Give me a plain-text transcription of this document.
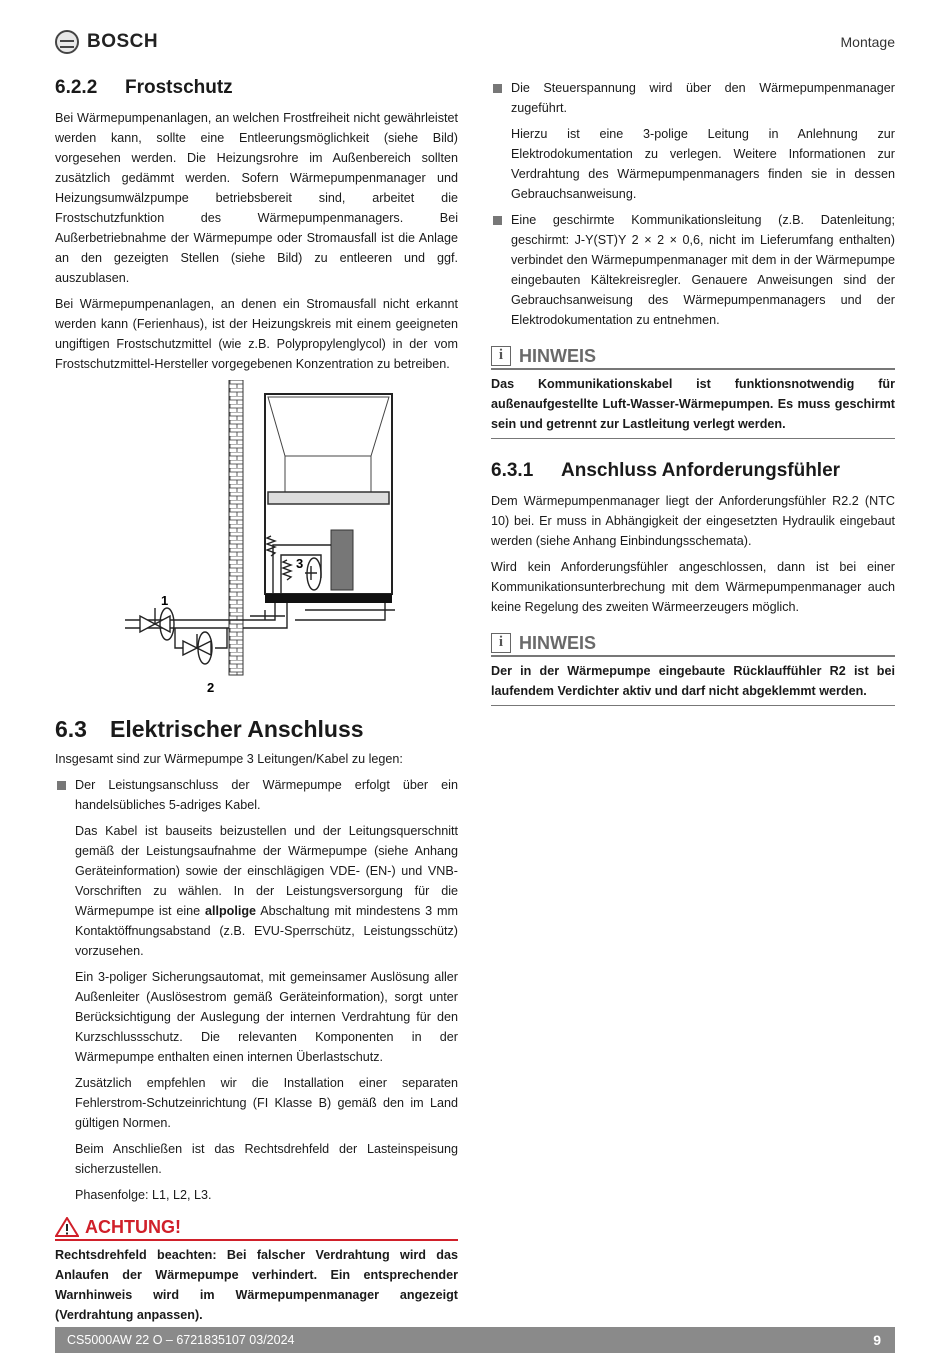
BOSCH	Montage
6.2.2	Frostschutz

Bei Wärmepumpenanlagen, an welchen Frostfreiheit nicht gewährleistet werden kann, sollte eine Entleerungsmöglichkeit (siehe Bild) vorgesehen werden. Die Heizungsrohre im Außenbereich sollten zusätzlich gedämmt werden. Sofern Wärmepumpenmanager und Heizungsumwälzpumpe betriebsbereit sind, arbeitet die Frostschutzfunktion des Wärmepumpenmanagers. Bei Außerbetriebnahme der Wärmepumpe oder Stromausfall ist die Anlage an den gezeigten Stellen (siehe Bild) zu entleeren und ggf. auszublasen.

Bei Wärmepumpenanlagen, an denen ein Stromausfall nicht erkannt werden kann (Ferienhaus), ist der Heizungskreis mit einem geeigneten ungiftigen Frostschutzmittel (wie z.B. Polypropylenglycol) in der vom Frostschutzmittel-Hersteller vorgegebenen Konzentration zu betreiben.

1
2
3
6.3	Elektrischer Anschluss

Insgesamt sind zur Wärmepumpe 3 Leitungen/Kabel zu legen:

Der Leistungsanschluss der Wärmepumpe erfolgt über ein handelsübliches 5-adriges Kabel.

Das Kabel ist bauseits beizustellen und der Leitungsquerschnitt gemäß der Leistungsaufnahme der Wärmepumpe (siehe Anhang Geräteinformation) sowie der einschlägigen VDE- (EN-) und VNB-Vorschriften zu wählen. In der Leistungsversorgung für die Wärmepumpe ist eine allpolige Abschaltung mit mindestens 3 mm Kontaktöffnungsabstand (z.B. EVU-Sperrschütz, Leistungsschütz) vorzusehen.

Ein 3-poliger Sicherungsautomat, mit gemeinsamer Auslösung aller Außenleiter (Auslösestrom gemäß Geräteinformation), sorgt unter Berücksichtigung der Auslegung der internen Verdrahtung für den Kurzschlussschutz. Die relevanten Komponenten in der Wärmepumpe enthalten einen internen Überlastschutz.

Zusätzlich empfehlen wir die Installation einer separaten Fehlerstrom-Schutzeinrichtung (FI Klasse B) gemäß den im Land gültigen Normen.

Beim Anschließen ist das Rechtsdrehfeld der Lasteinspeisung sicherzustellen.

Phasenfolge: L1, L2, L3.

ACHTUNG!
Rechtsdrehfeld beachten: Bei falscher Verdrahtung wird das Anlaufen der Wärmepumpe verhindert. Ein entsprechender Warnhinweis wird im Wärmepumpenmanager angezeigt (Verdrahtung anpassen).
Die Steuerspannung wird über den Wärmepumpenmanager zugeführt.

Hierzu ist eine 3-polige Leitung in Anlehnung zur Elektrodokumentation zu verlegen. Weitere Informationen zur Verdrahtung des Wärmepumpenmanagers finden sie in dessen Gebrauchsanweisung.

Eine geschirmte Kommunikationsleitung (z.B. Datenleitung; geschirmt: J-Y(ST)Y 2 × 2 × 0,6, nicht im Lieferumfang enthalten) verbindet den Wärmepumpenmanager mit dem in der Wärmepumpe eingebauten Kältekreisregler. Genauere Anweisungen sind der Gebrauchsanweisung des Wärmepumpenmanagers und der Elektrodokumentation zu entnehmen.
i HINWEIS
Das Kommunikationskabel ist funktionsnotwendig für außenaufgestellte Luft-Wasser-Wärmepumpen. Es muss geschirmt sein und getrennt zur Lastleitung verlegt werden.
6.3.1	Anschluss Anforderungsfühler

Dem Wärmepumpenmanager liegt der Anforderungsfühler R2.2 (NTC 10) bei. Er muss in Abhängigkeit der eingesetzten Hydraulik eingebaut werden (siehe Anhang Einbindungsschemata).

Wird kein Anforderungsfühler angeschlossen, dann ist bei einer Kommunikationsunterbrechung mit dem Wärmepumpenmanager auch keine Regelung des zweiten Wärmeerzeugers möglich.

i HINWEIS
Der in der Wärmepumpe eingebaute Rücklauffühler R2 ist bei laufendem Verdichter aktiv und darf nicht abgeklemmt werden.
CS5000AW 22 O – 6721835107 03/2024	9
